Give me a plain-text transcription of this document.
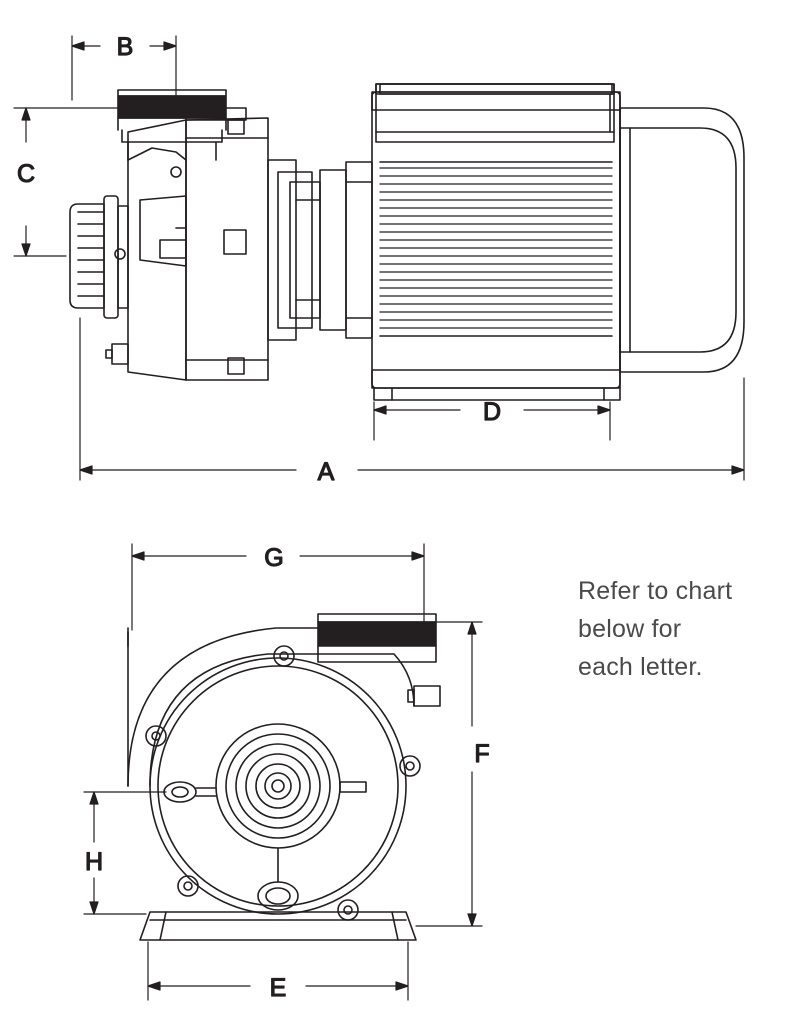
B
C
D
A
G
F
H
E
Refer to chart
below for
each letter.
